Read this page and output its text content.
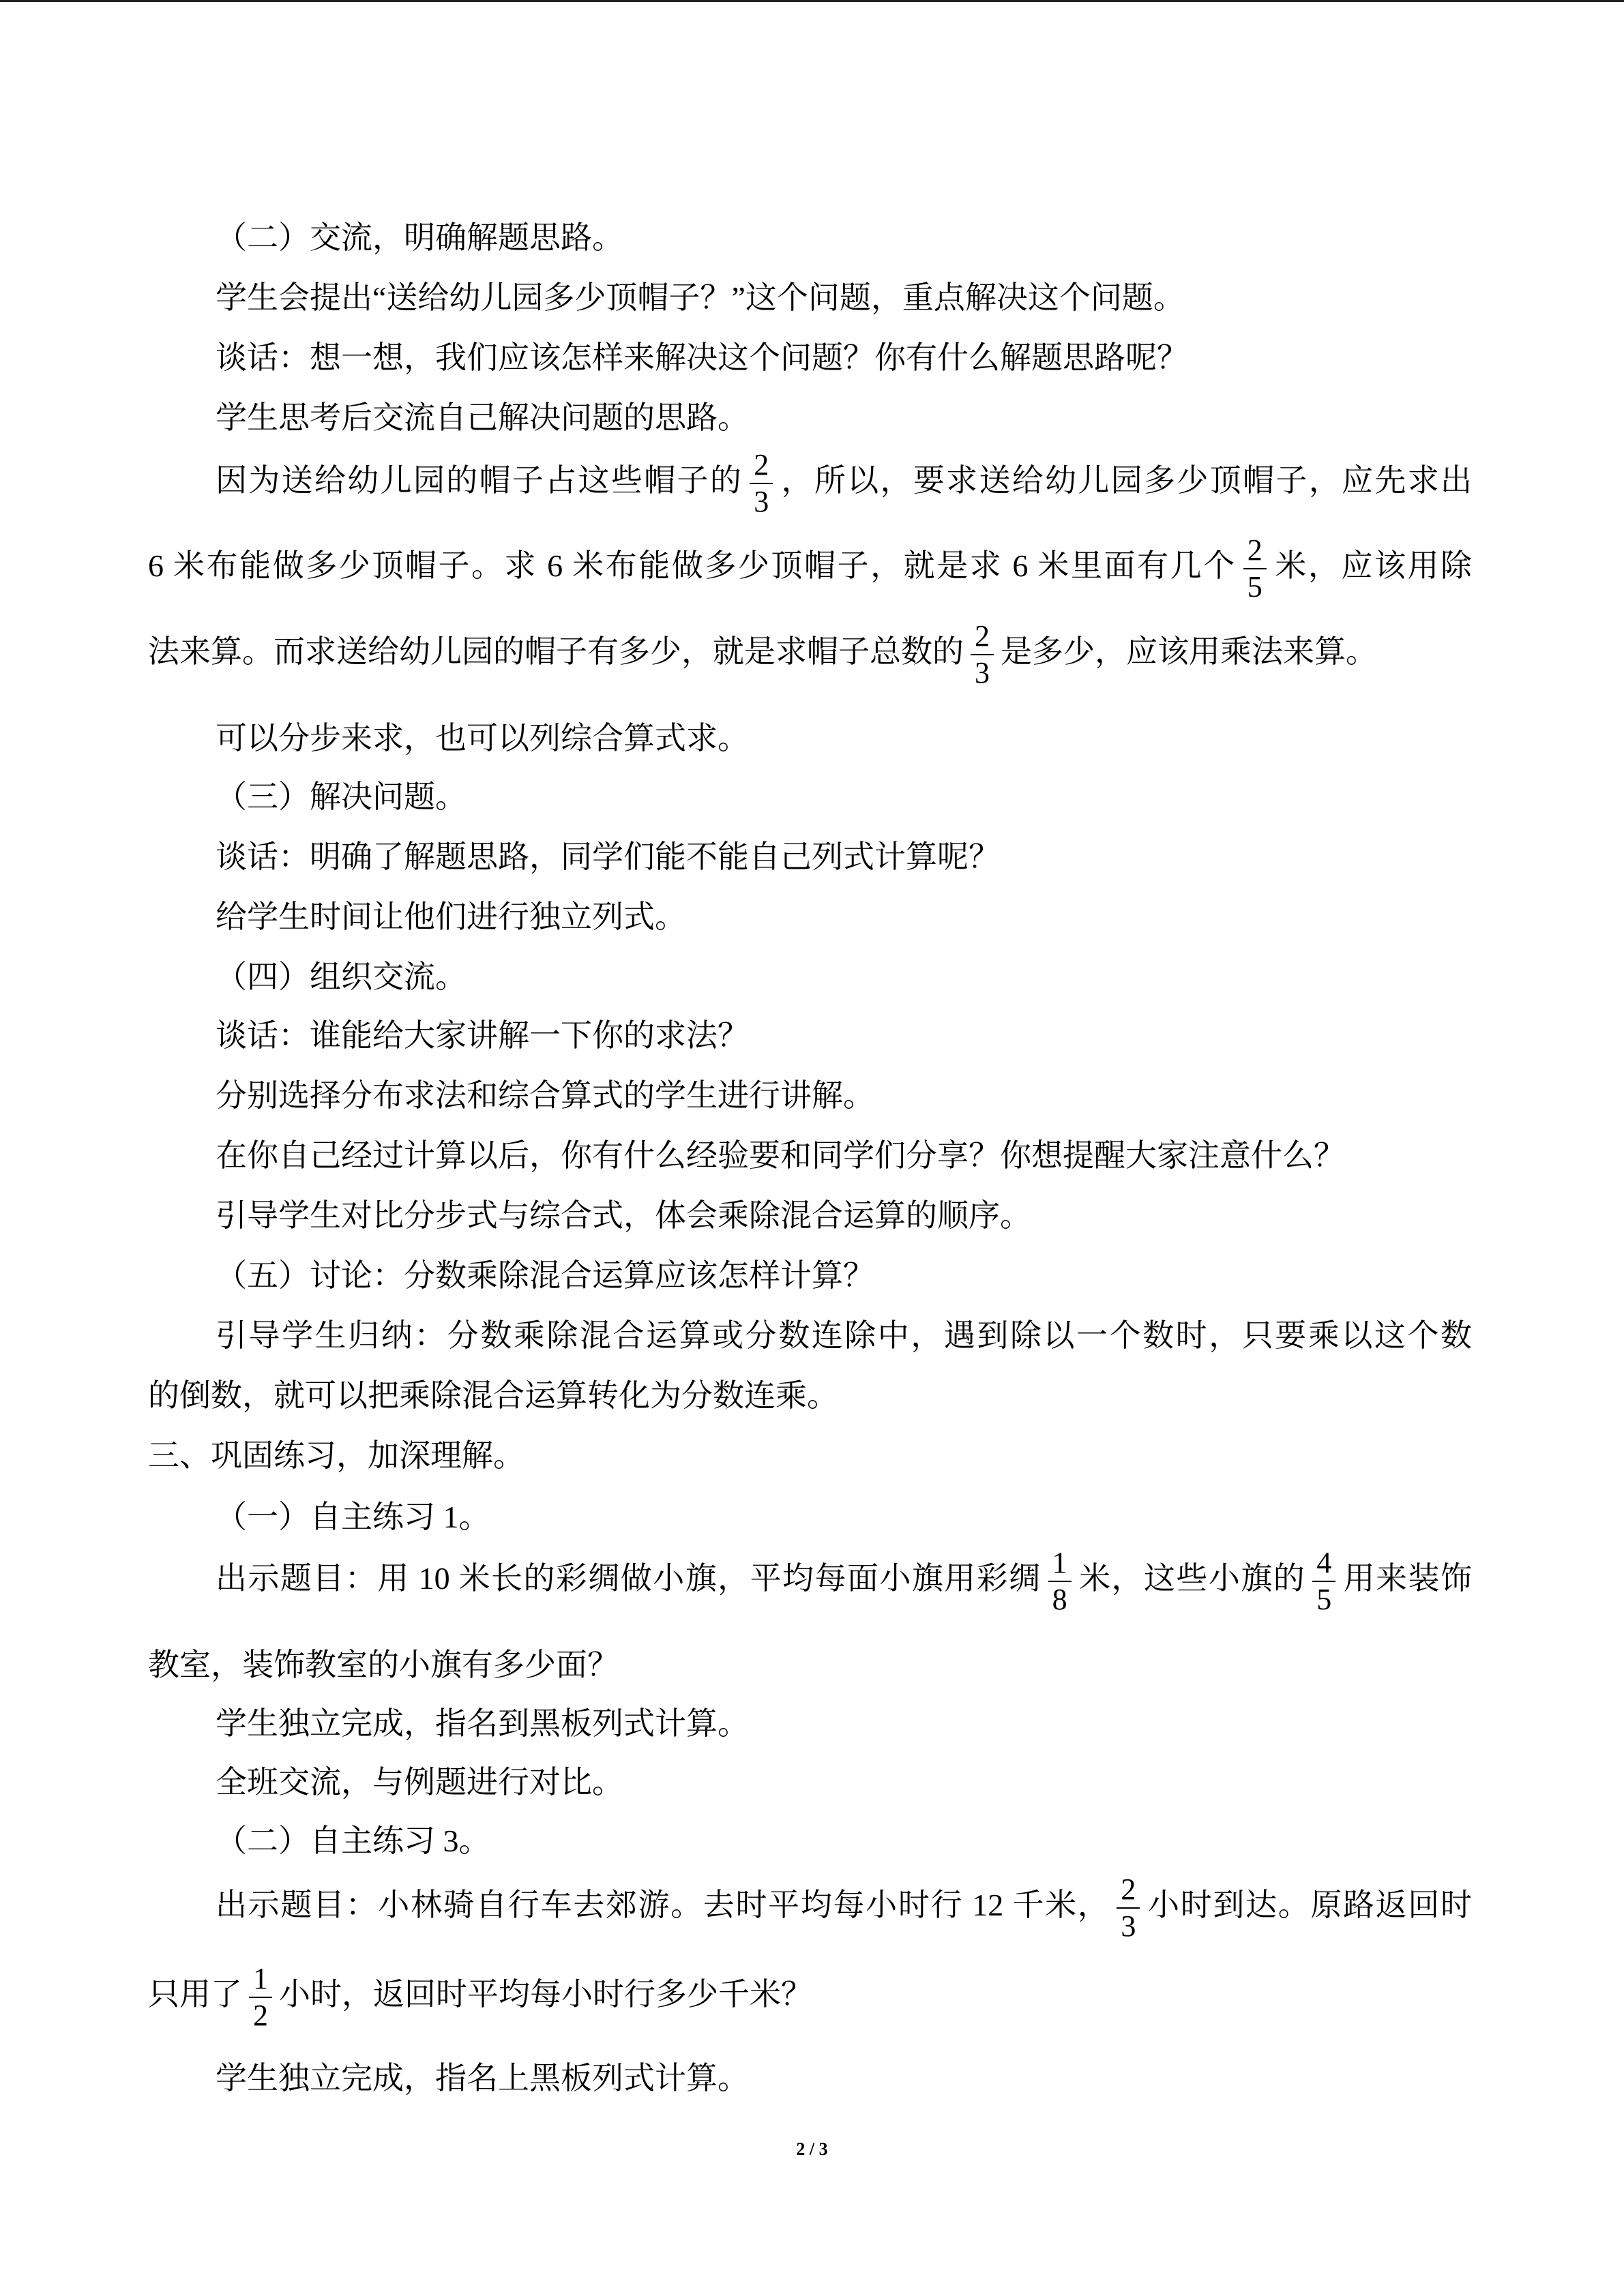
（二）交流，明确解题思路。
学生会提出“送给幼儿园多少顶帽子？”这个问题，重点解决这个问题。
谈话：想一想，我们应该怎样来解决这个问题？你有什么解题思路呢？
学生思考后交流自己解决问题的思路。
因为送给幼儿园的帽子占这些帽子的 $\frac{2}{3}$ ，所以，要求送给幼儿园多少顶帽子，应先求出
6 米布能做多少顶帽子。求 6 米布能做多少顶帽子，就是求 6 米里面有几个 $\frac{2}{5}$ 米，应该用除
法来算。而求送给幼儿园的帽子有多少，就是求帽子总数的 $\frac{2}{3}$ 是多少，应该用乘法来算。
可以分步来求，也可以列综合算式求。
（三）解决问题。
谈话：明确了解题思路，同学们能不能自己列式计算呢？
给学生时间让他们进行独立列式。
（四）组织交流。
谈话：谁能给大家讲解一下你的求法？
分别选择分布求法和综合算式的学生进行讲解。
在你自己经过计算以后，你有什么经验要和同学们分享？你想提醒大家注意什么？
引导学生对比分步式与综合式，体会乘除混合运算的顺序。
（五）讨论：分数乘除混合运算应该怎样计算？
引导学生归纳：分数乘除混合运算或分数连除中，遇到除以一个数时，只要乘以这个数
的倒数，就可以把乘除混合运算转化为分数连乘。
三、巩固练习，加深理解。
（一）自主练习 1。
出示题目：用 10 米长的彩绸做小旗，平均每面小旗用彩绸 $\frac{1}{8}$ 米，这些小旗的 $\frac{4}{5}$ 用来装饰
教室，装饰教室的小旗有多少面？
学生独立完成，指名到黑板列式计算。
全班交流，与例题进行对比。
（二）自主练习 3。
出示题目：小林骑自行车去郊游。去时平均每小时行 12 千米， $\frac{2}{3}$ 小时到达。原路返回时
只用了 $\frac{1}{2}$ 小时，返回时平均每小时行多少千米？
学生独立完成，指名上黑板列式计算。
2 / 3
